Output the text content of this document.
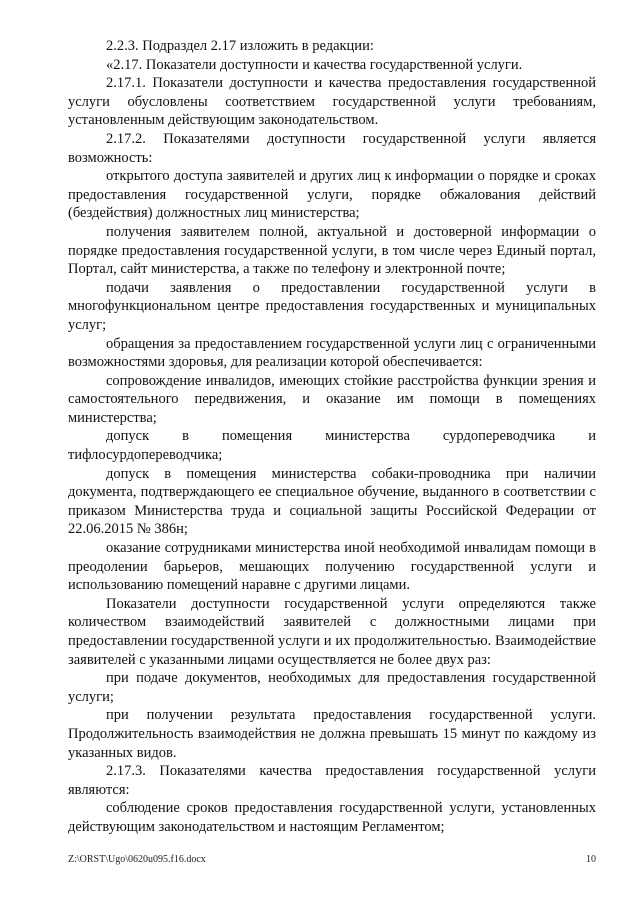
2.2.3. Подраздел 2.17 изложить в редакции:

«2.17. Показатели доступности и качества государственной услуги.

2.17.1. Показатели доступности и качества предоставления государственной услуги обусловлены соответствием государственной услуги требованиям, установленным действующим законодательством.

2.17.2. Показателями доступности государственной услуги является возможность:

открытого доступа заявителей и других лиц к информации о порядке и сроках предоставления государственной услуги, порядке обжалования действий (бездействия) должностных лиц министерства;

получения заявителем полной, актуальной и достоверной информации о порядке предоставления государственной услуги, в том числе через Единый портал, Портал, сайт министерства, а также по телефону и электронной почте;

подачи заявления о предоставлении государственной услуги в многофункциональном центре предоставления государственных и муниципальных услуг;

обращения за предоставлением государственной услуги лиц с ограниченными возможностями здоровья, для реализации которой обеспечивается:

сопровождение инвалидов, имеющих стойкие расстройства функции зрения и самостоятельного передвижения, и оказание им помощи в помещениях министерства;

допуск в помещения министерства сурдопереводчика и тифлосурдопереводчика;

допуск в помещения министерства собаки-проводника при наличии документа, подтверждающего ее специальное обучение, выданного в соответствии с приказом Министерства труда и социальной защиты Российской Федерации от 22.06.2015 № 386н;

оказание сотрудниками министерства иной необходимой инвалидам помощи в преодолении барьеров, мешающих получению государственной услуги и использованию помещений наравне с другими лицами.

Показатели доступности государственной услуги определяются также количеством взаимодействий заявителей с должностными лицами при предоставлении государственной услуги и их продолжительностью. Взаимодействие заявителей с указанными лицами осуществляется не более двух раз:

при подаче документов, необходимых для предоставления государственной услуги;

при получении результата предоставления государственной услуги. Продолжительность взаимодействия не должна превышать 15 минут по каждому из указанных видов.

2.17.3. Показателями качества предоставления государственной услуги являются:

соблюдение сроков предоставления государственной услуги, установленных действующим законодательством и настоящим Регламентом;

Z:\ORST\Ugo\0620u095.f16.docx	10
